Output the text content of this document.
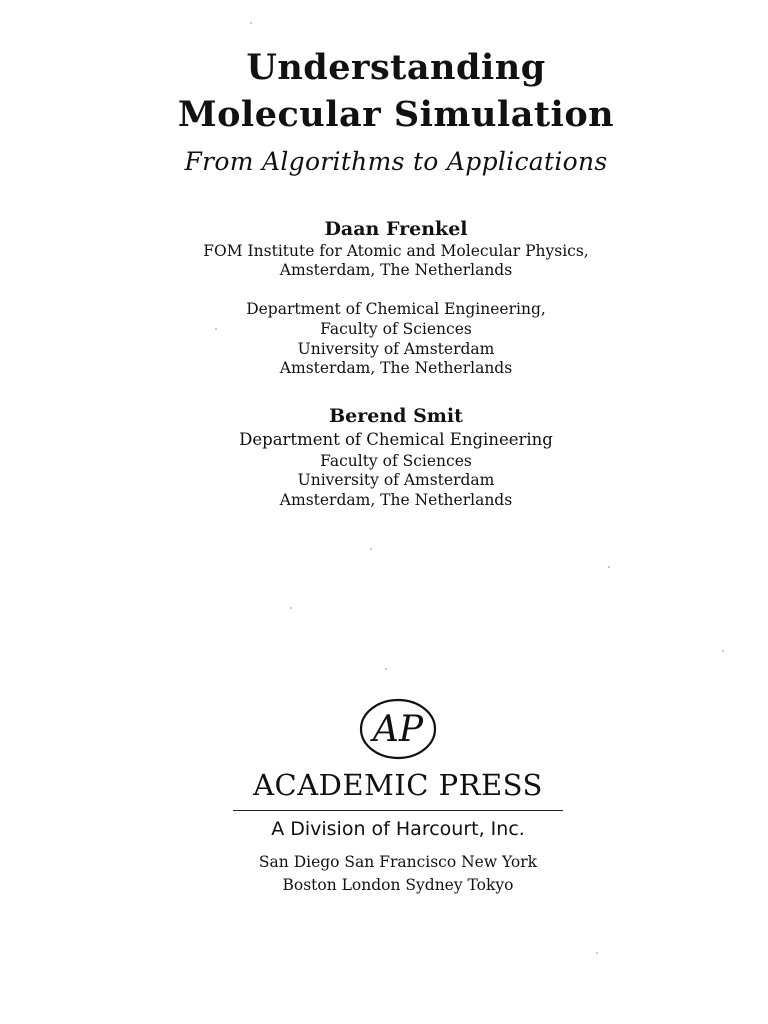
Understanding
Molecular Simulation
From Algorithms to Applications
Daan Frenkel
FOM Institute for Atomic and Molecular Physics,
Amsterdam, The Netherlands
Department of Chemical Engineering,
Faculty of Sciences
University of Amsterdam
Amsterdam, The Netherlands
Berend Smit
Department of Chemical Engineering
Faculty of Sciences
University of Amsterdam
Amsterdam, The Netherlands
AP
ACADEMIC PRESS
A Division of Harcourt, Inc.
San Diego San Francisco New York
Boston London Sydney Tokyo
